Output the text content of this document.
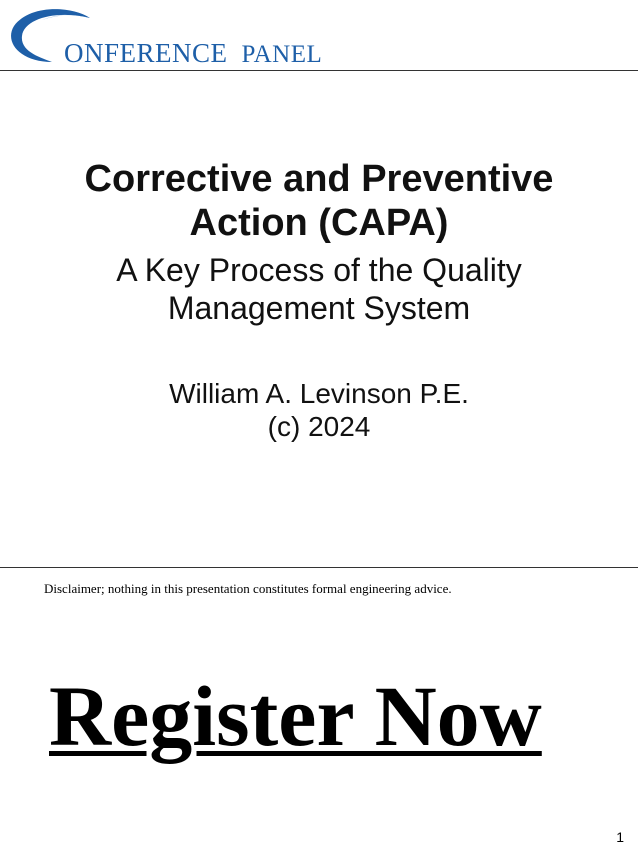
ONFERENCE PANEL
Corrective and Preventive
Action (CAPA)
A Key Process of the Quality
Management System
William A. Levinson P.E.
(c) 2024
Disclaimer; nothing in this presentation constitutes formal engineering advice.
Register Now
1
